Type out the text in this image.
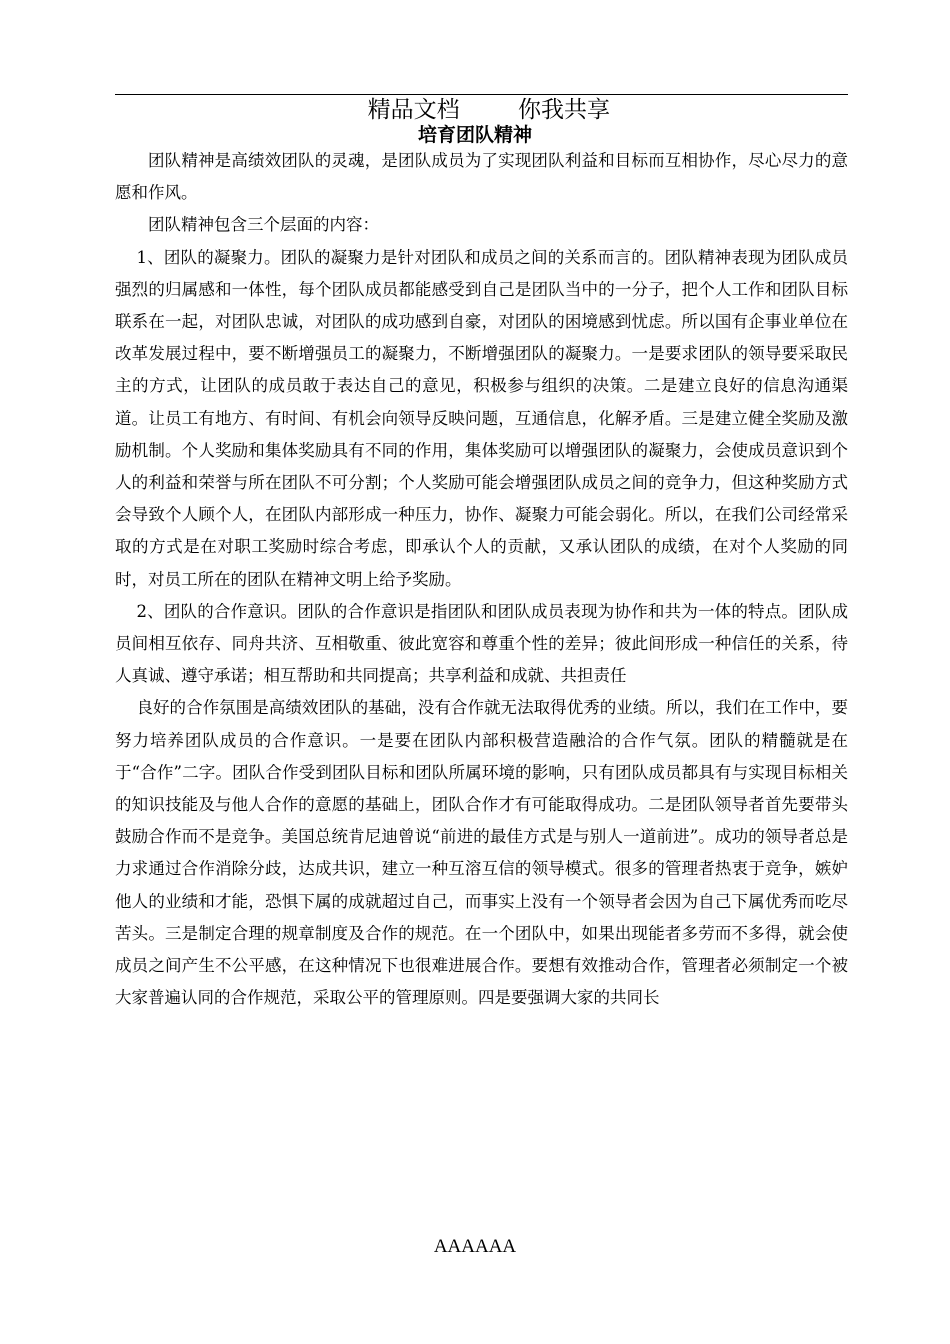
精品文档        你我共享

培育团队精神

团队精神是高绩效团队的灵魂，是团队成员为了实现团队利益和目标而互相协作，尽心尽力的意愿和作风。

团队精神包含三个层面的内容：

1、团队的凝聚力。团队的凝聚力是针对团队和成员之间的关系而言的。团队精神表现为团队成员强烈的归属感和一体性，每个团队成员都能感受到自己是团队当中的一分子，把个人工作和团队目标联系在一起，对团队忠诚，对团队的成功感到自豪，对团队的困境感到忧虑。所以国有企事业单位在改革发展过程中，要不断增强员工的凝聚力，不断增强团队的凝聚力。一是要求团队的领导要采取民主的方式，让团队的成员敢于表达自己的意见，积极参与组织的决策。二是建立良好的信息沟通渠道。让员工有地方、有时间、有机会向领导反映问题，互通信息，化解矛盾。三是建立健全奖励及激励机制。个人奖励和集体奖励具有不同的作用，集体奖励可以增强团队的凝聚力，会使成员意识到个人的利益和荣誉与所在团队不可分割；个人奖励可能会增强团队成员之间的竞争力，但这种奖励方式会导致个人顾个人，在团队内部形成一种压力，协作、凝聚力可能会弱化。所以，在我们公司经常采取的方式是在对职工奖励时综合考虑，即承认个人的贡献，又承认团队的成绩，在对个人奖励的同时，对员工所在的团队在精神文明上给予奖励。

2、团队的合作意识。团队的合作意识是指团队和团队成员表现为协作和共为一体的特点。团队成员间相互依存、同舟共济、互相敬重、彼此宽容和尊重个性的差异；彼此间形成一种信任的关系，待人真诚、遵守承诺；相互帮助和共同提高；共享利益和成就、共担责任

良好的合作氛围是高绩效团队的基础，没有合作就无法取得优秀的业绩。所以，我们在工作中，要努力培养团队成员的合作意识。一是要在团队内部积极营造融洽的合作气氛。团队的精髓就是在于“合作”二字。团队合作受到团队目标和团队所属环境的影响，只有团队成员都具有与实现目标相关的知识技能及与他人合作的意愿的基础上，团队合作才有可能取得成功。二是团队领导者首先要带头鼓励合作而不是竞争。美国总统肯尼迪曾说“前进的最佳方式是与别人一道前进”。成功的领导者总是力求通过合作消除分歧，达成共识，建立一种互溶互信的领导模式。很多的管理者热衷于竞争，嫉妒他人的业绩和才能，恐惧下属的成就超过自己，而事实上没有一个领导者会因为自己下属优秀而吃尽苦头。三是制定合理的规章制度及合作的规范。在一个团队中，如果出现能者多劳而不多得，就会使成员之间产生不公平感，在这种情况下也很难进展合作。要想有效推动合作，管理者必须制定一个被大家普遍认同的合作规范，采取公平的管理原则。四是要强调大家的共同长

AAAAAA
